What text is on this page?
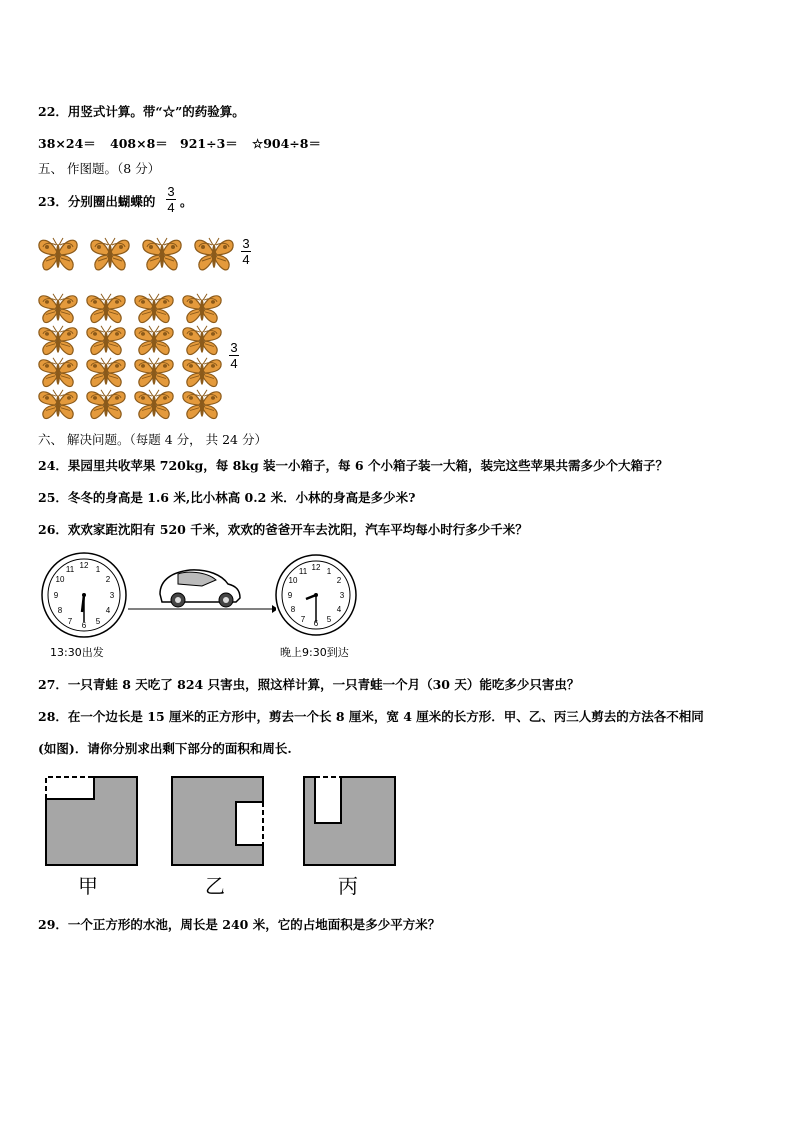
22．用竖式计算。带“☆”的药验算。
38×24＝ 408×8＝ 921÷3＝ ☆904÷8＝
五、 作图题。（8 分）
23．分别圈出蝴蝶的
3
4 。
3
4
3
4
六、 解决问题。（每题 4 分， 共 24 分）
24．果园里共收苹果 720kg，每 8kg 装一小箱子，每 6 个小箱子装一大箱，装完这些苹果共需多少个大箱子？
25．冬冬的身高是 1.6 米,比小林高 0.2 米．小林的身高是多少米?
26．欢欢家距沈阳有 520 千米，欢欢的爸爸开车去沈阳，汽车平均每小时行多少千米？
12 1
2
3
4
5
6
7
8
9
10
11
13:30出发
12 1
2
3
4
5
6
7
8
9
10
11
晚上9:30到达
27．一只青蛙 8 天吃了 824 只害虫，照这样计算，一只青蛙一个月（30 天）能吃多少只害虫？
28．在一个边长是 15 厘米的正方形中，剪去一个长 8 厘米，宽 4 厘米的长方形．甲、乙、丙三人剪去的方法各不相同
(如图)．请你分别求出剩下部分的面积和周长.
甲	乙	丙
29．一个正方形的水池，周长是 240 米，它的占地面积是多少平方米？
